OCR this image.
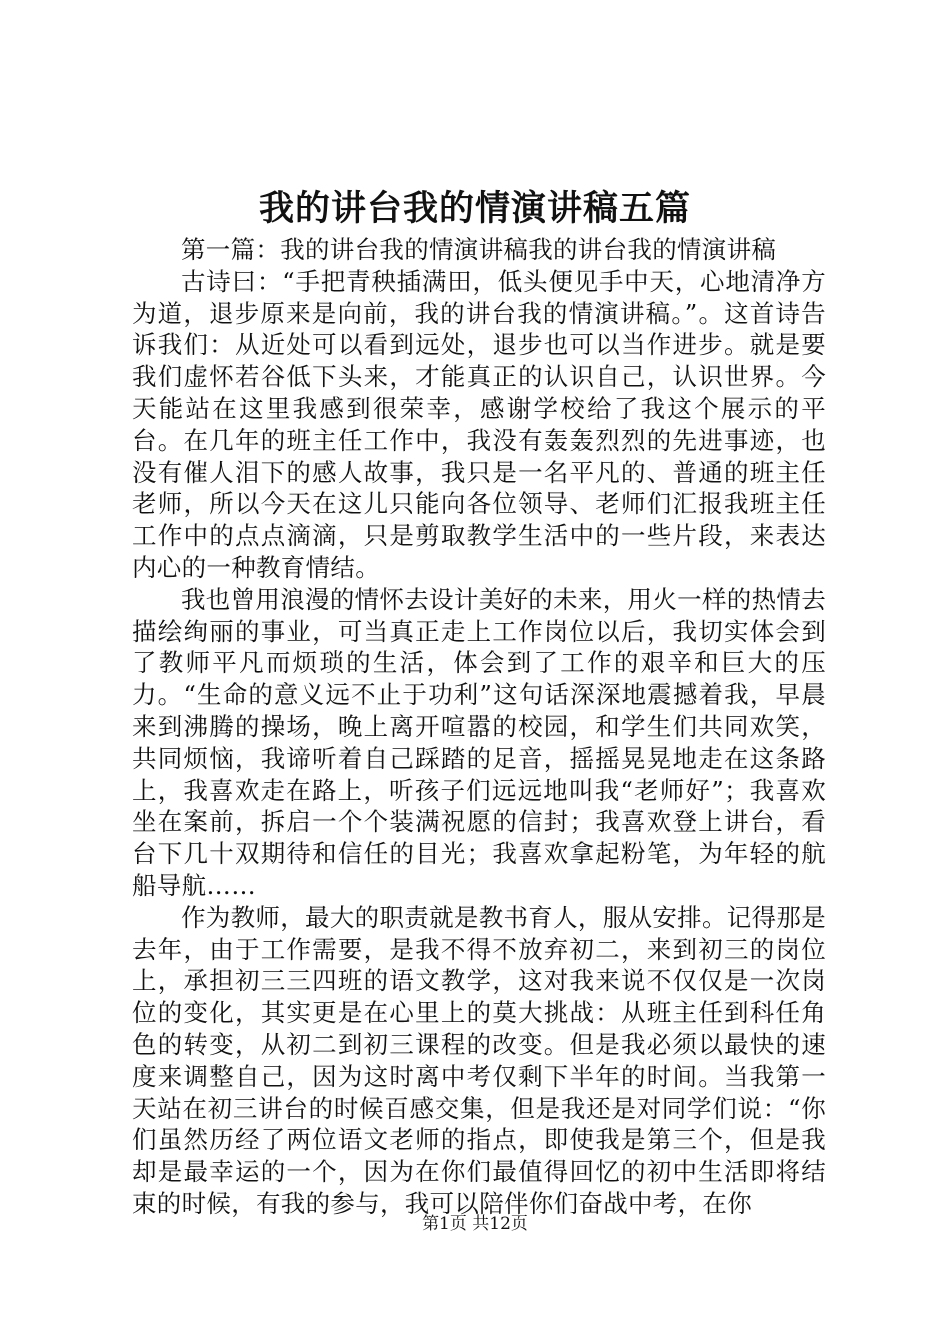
我的讲台我的情演讲稿五篇

第一篇：我的讲台我的情演讲稿我的讲台我的情演讲稿

古诗曰：“手把青秧插满田，低头便见手中天，心地清净方为道，退步原来是向前，我的讲台我的情演讲稿。”。这首诗告诉我们：从近处可以看到远处，退步也可以当作进步。就是要我们虚怀若谷低下头来，才能真正的认识自己，认识世界。今天能站在这里我感到很荣幸，感谢学校给了我这个展示的平台。在几年的班主任工作中，我没有轰轰烈烈的先进事迹，也没有催人泪下的感人故事，我只是一名平凡的、普通的班主任老师，所以今天在这儿只能向各位领导、老师们汇报我班主任工作中的点点滴滴，只是剪取教学生活中的一些片段，来表达内心的一种教育情结。

我也曾用浪漫的情怀去设计美好的未来，用火一样的热情去描绘绚丽的事业，可当真正走上工作岗位以后，我切实体会到了教师平凡而烦琐的生活，体会到了工作的艰辛和巨大的压力。“生命的意义远不止于功利”这句话深深地震撼着我，早晨来到沸腾的操场，晚上离开喧嚣的校园，和学生们共同欢笑，共同烦恼，我谛听着自己踩踏的足音，摇摇晃晃地走在这条路上，我喜欢走在路上，听孩子们远远地叫我“老师好”；我喜欢坐在案前，拆启一个个装满祝愿的信封；我喜欢登上讲台，看台下几十双期待和信任的目光；我喜欢拿起粉笔，为年轻的航船导航……

作为教师，最大的职责就是教书育人，服从安排。记得那是去年，由于工作需要，是我不得不放弃初二，来到初三的岗位上，承担初三三四班的语文教学，这对我来说不仅仅是一次岗位的变化，其实更是在心里上的莫大挑战：从班主任到科任角色的转变，从初二到初三课程的改变。但是我必须以最快的速度来调整自己，因为这时离中考仅剩下半年的时间。当我第一天站在初三讲台的时候百感交集，但是我还是对同学们说：“你们虽然历经了两位语文老师的指点，即使我是第三个，但是我却是最幸运的一个，因为在你们最值得回忆的初中生活即将结束的时候，有我的参与，我可以陪伴你们奋战中考，在你

第1页 共12页
